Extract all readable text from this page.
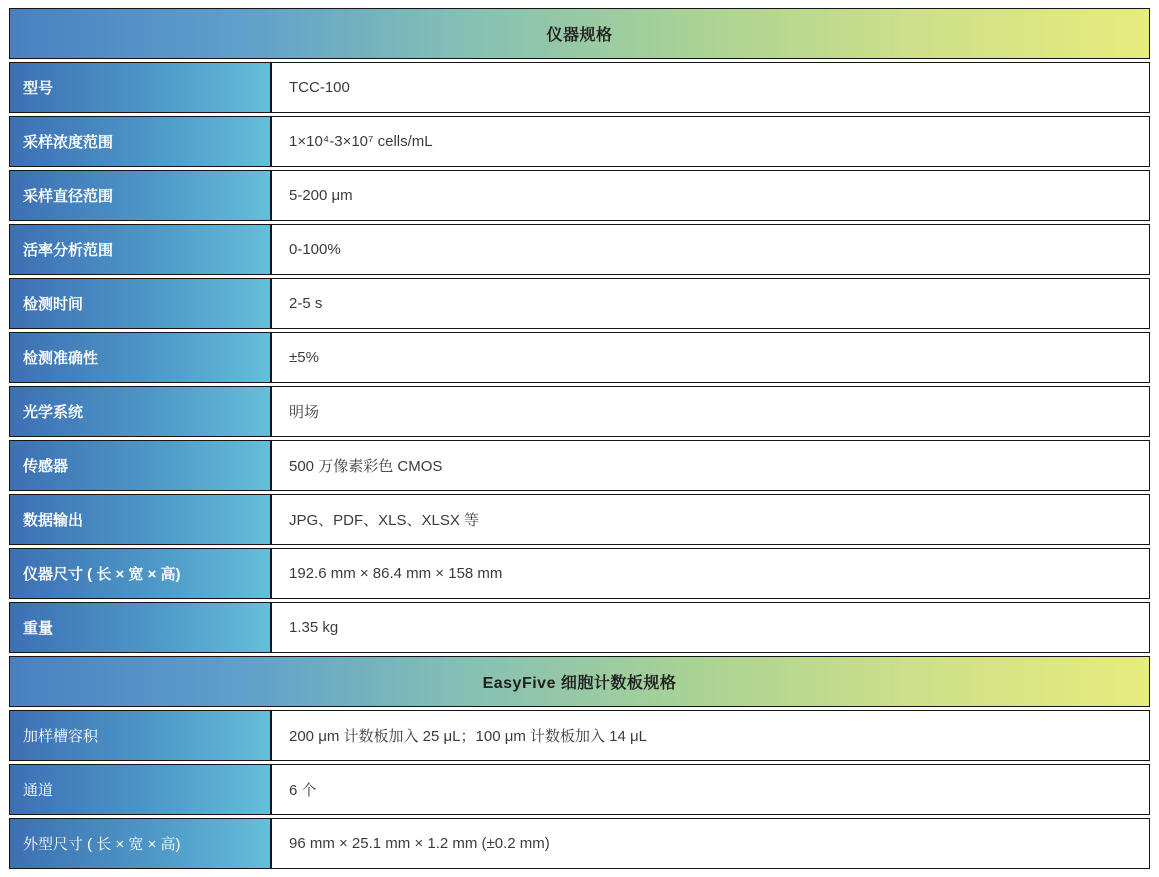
仪器规格
型号	TCC-100
采样浓度范围	1×10⁴-3×10⁷ cells/mL
采样直径范围	5-200 μm
活率分析范围	0-100%
检测时间	2-5 s
检测准确性	±5%
光学系统	明场
传感器	500 万像素彩色 CMOS
数据输出	JPG、PDF、XLS、XLSX 等
仪器尺寸 ( 长 × 宽 × 高)	192.6 mm × 86.4 mm × 158 mm
重量	1.35 kg
EasyFive 细胞计数板规格
加样槽容积	200 μm 计数板加入 25 μL；100 μm 计数板加入 14 μL
通道	6 个
外型尺寸 ( 长 × 宽 × 高)	96 mm × 25.1 mm × 1.2 mm (±0.2 mm)
